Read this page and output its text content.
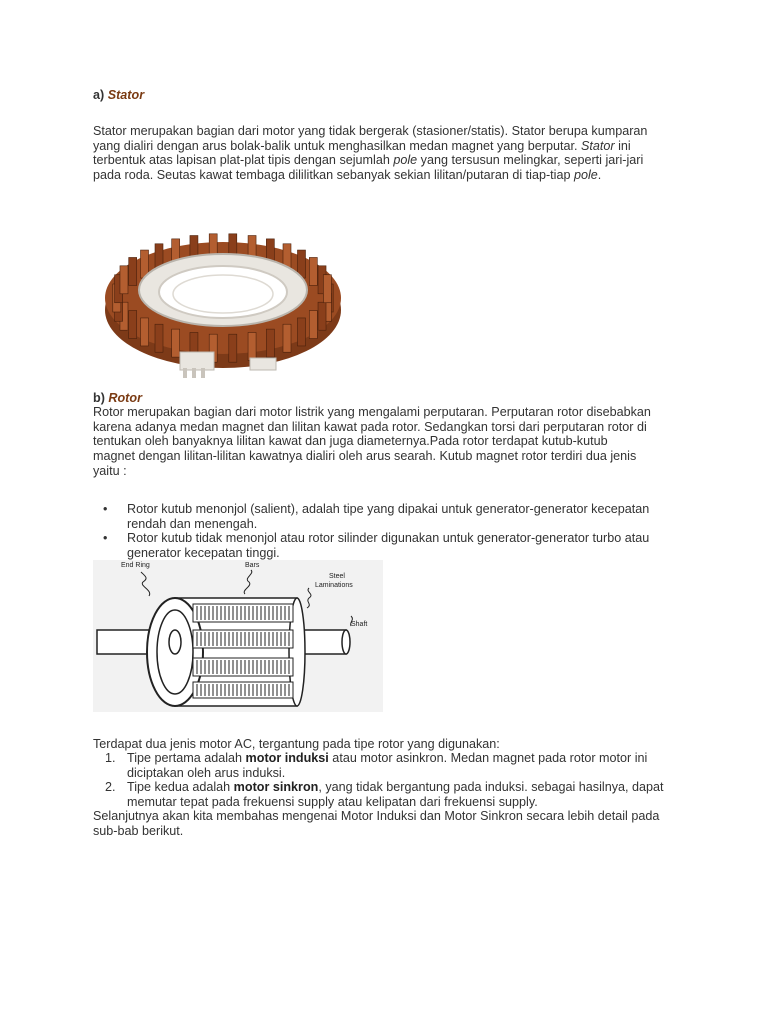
a) Stator

Stator merupakan bagian dari motor yang tidak bergerak (stasioner/statis). Stator berupa kumparan yang dialiri dengan arus bolak-balik untuk menghasilkan medan magnet yang berputar. Stator ini terbentuk atas lapisan plat-plat tipis dengan sejumlah pole yang tersusun melingkar, seperti jari-jari pada roda. Seutas kawat tembaga dililitkan sebanyak sekian lilitan/putaran di tiap-tiap pole.

b) Rotor

Rotor merupakan bagian dari motor listrik yang mengalami perputaran. Perputaran rotor disebabkan karena adanya medan magnet dan lilitan kawat pada rotor. Sedangkan torsi dari perputaran rotor di tentukan oleh banyaknya lilitan kawat dan juga diameternya.Pada rotor terdapat kutub-kutub magnet dengan lilitan-lilitan kawatnya dialiri oleh arus searah. Kutub magnet rotor terdiri dua jenis yaitu :

• Rotor kutub menonjol (salient), adalah tipe yang dipakai untuk generator-generator kecepatan rendah dan menengah.
• Rotor kutub tidak menonjol atau rotor silinder digunakan untuk generator-generator turbo atau generator kecepatan tinggi.
End Ring	Bars
Steel
Laminations
Shaft

Terdapat dua jenis motor AC, tergantung pada tipe rotor yang digunakan:

1. Tipe pertama adalah motor induksi atau motor asinkron. Medan magnet pada rotor motor ini diciptakan oleh arus induksi.
2. Tipe kedua adalah motor sinkron, yang tidak bergantung pada induksi. sebagai hasilnya, dapat memutar tepat pada frekuensi supply atau kelipatan dari frekuensi supply.

Selanjutnya akan kita membahas mengenai Motor Induksi dan Motor Sinkron secara lebih detail pada sub-bab berikut.
